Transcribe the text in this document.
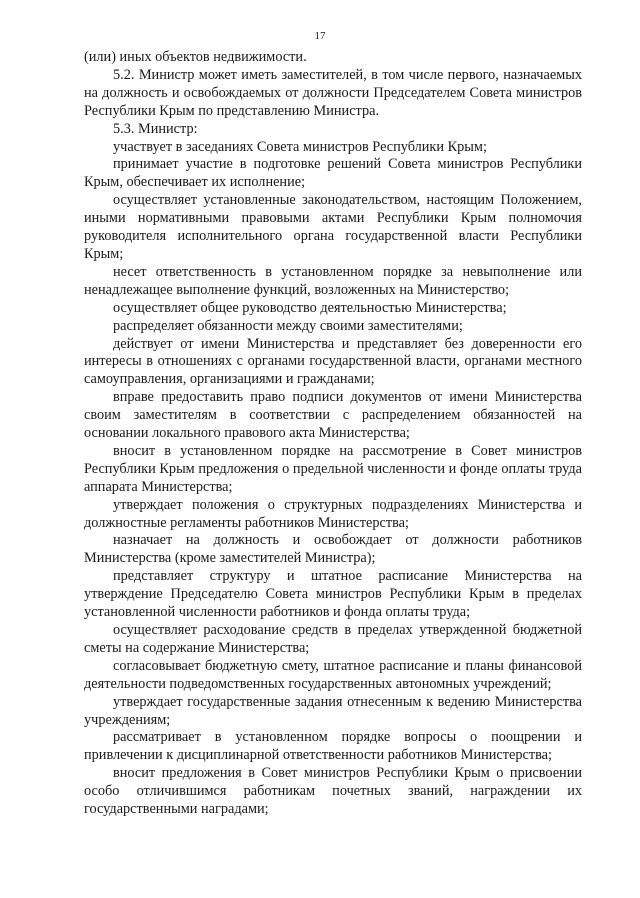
17

(или) иных объектов недвижимости.

5.2. Министр может иметь заместителей, в том числе первого, назначаемых на должность и освобождаемых от должности Председателем Совета министров Республики Крым по представлению Министра.

5.3. Министр:

участвует в заседаниях Совета министров Республики Крым;

принимает участие в подготовке решений Совета министров Республики Крым, обеспечивает их исполнение;

осуществляет установленные законодательством, настоящим Положением, иными нормативными правовыми актами Республики Крым полномочия руководителя исполнительного органа государственной власти Республики Крым;

несет ответственность в установленном порядке за невыполнение или ненадлежащее выполнение функций, возложенных на Министерство;

осуществляет общее руководство деятельностью Министерства;

распределяет обязанности между своими заместителями;

действует от имени Министерства и представляет без доверенности его интересы в отношениях с органами государственной власти, органами местного самоуправления, организациями и гражданами;

вправе предоставить право подписи документов от имени Министерства своим заместителям в соответствии с распределением обязанностей на основании локального правового акта Министерства;

вносит в установленном порядке на рассмотрение в Совет министров Республики Крым предложения о предельной численности и фонде оплаты труда аппарата Министерства;

утверждает положения о структурных подразделениях Министерства и должностные регламенты работников Министерства;

назначает на должность и освобождает от должности работников Министерства (кроме заместителей Министра);

представляет структуру и штатное расписание Министерства на утверждение Председателю Совета министров Республики Крым в пределах установленной численности работников и фонда оплаты труда;

осуществляет расходование средств в пределах утвержденной бюджетной сметы на содержание Министерства;

согласовывает бюджетную смету, штатное расписание и планы финансовой деятельности подведомственных государственных автономных учреждений;

утверждает государственные задания отнесенным к ведению Министерства учреждениям;

рассматривает в установленном порядке вопросы о поощрении и привлечении к дисциплинарной ответственности работников Министерства;

вносит предложения в Совет министров Республики Крым о присвоении особо отличившимся работникам почетных званий, награждении их государственными наградами;
